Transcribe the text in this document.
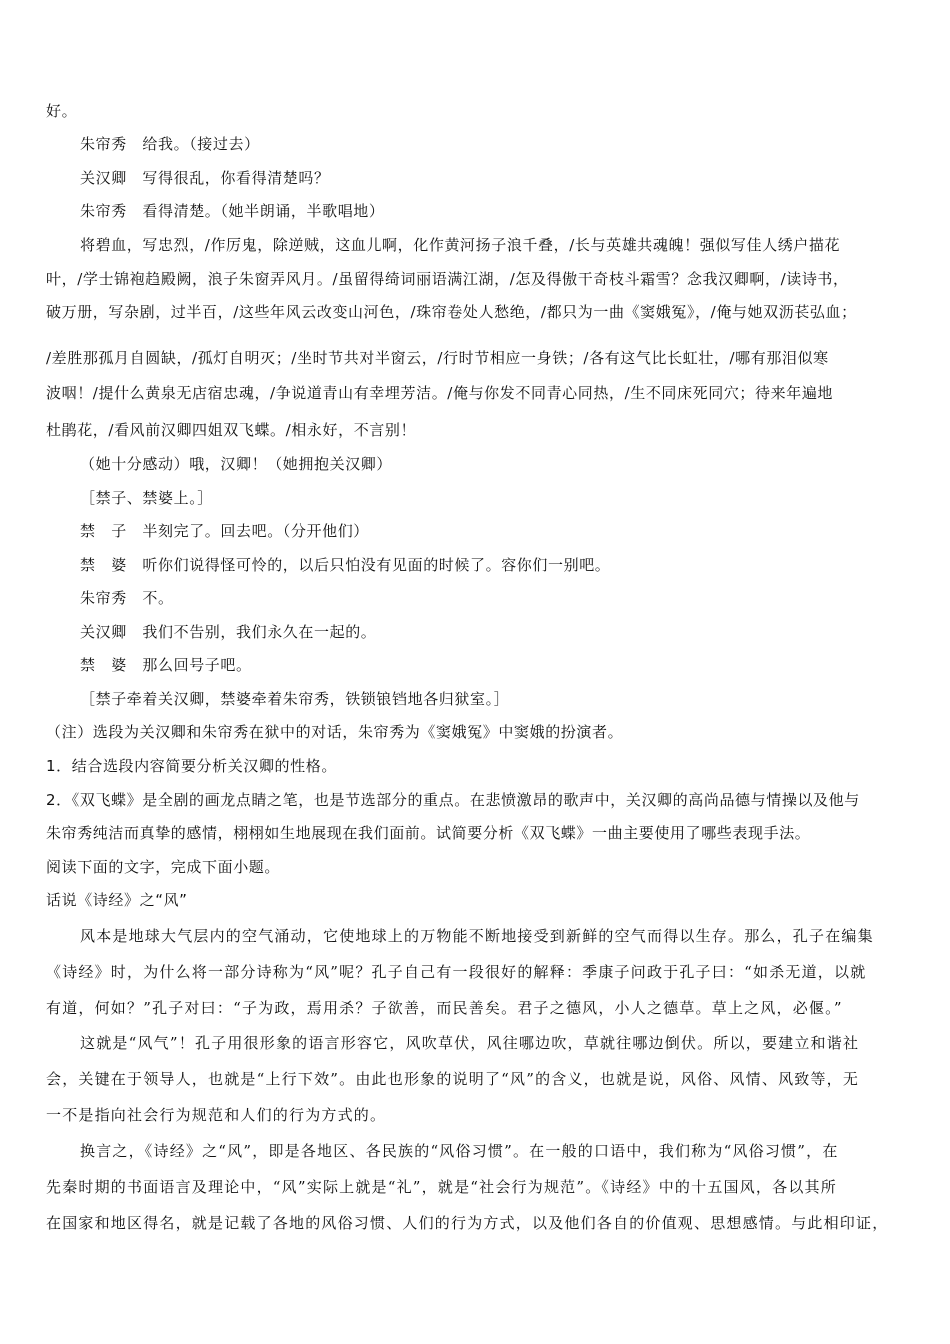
好。

朱帘秀　给我。（接过去）

关汉卿　写得很乱，你看得清楚吗？

朱帘秀　看得清楚。（她半朗诵，半歌唱地）

将碧血，写忠烈，/作厉鬼，除逆贼，这血儿啊，化作黄河扬子浪千叠，/长与英雄共魂魄！强似写佳人绣户描花

叶，/学士锦袍趋殿阙，浪子朱窗弄风月。/虽留得绮词丽语满江湖，/怎及得傲干奇枝斗霜雪？念我汉卿啊，/读诗书，

破万册，写杂剧，过半百，/这些年风云改变山河色，/珠帘卷处人愁绝，/都只为一曲《窦娥冤》，/俺与她双沥苌弘血；

/差胜那孤月自圆缺，/孤灯自明灭；/坐时节共对半窗云，/行时节相应一身铁；/各有这气比长虹壮，/哪有那泪似寒

波咽！/提什么黄泉无店宿忠魂，/争说道青山有幸埋芳洁。/俺与你发不同青心同热，/生不同床死同穴；待来年遍地

杜鹃花，/看风前汉卿四姐双飞蝶。/相永好，不言别！

（她十分感动）哦，汉卿！（她拥抱关汉卿）

［禁子、禁婆上。］

禁　子　半刻完了。回去吧。（分开他们）

禁　婆　听你们说得怪可怜的，以后只怕没有见面的时候了。容你们一别吧。

朱帘秀　不。

关汉卿　我们不告别，我们永久在一起的。

禁　婆　那么回号子吧。

［禁子牵着关汉卿，禁婆牵着朱帘秀，铁锁锒铛地各归狱室。］

（注）选段为关汉卿和朱帘秀在狱中的对话，朱帘秀为《窦娥冤》中窦娥的扮演者。

1．结合选段内容简要分析关汉卿的性格。

2．《双飞蝶》是全剧的画龙点睛之笔，也是节选部分的重点。在悲愤激昂的歌声中，关汉卿的高尚品德与情操以及他与

朱帘秀纯洁而真挚的感情，栩栩如生地展现在我们面前。试简要分析《双飞蝶》一曲主要使用了哪些表现手法。

阅读下面的文字，完成下面小题。

话说《诗经》之“风”

风本是地球大气层内的空气涌动，它使地球上的万物能不断地接受到新鲜的空气而得以生存。那么，孔子在编集

《诗经》时，为什么将一部分诗称为“风”呢？孔子自己有一段很好的解释：季康子问政于孔子曰：“如杀无道，以就

有道，何如？”孔子对曰：“子为政，焉用杀？子欲善，而民善矣。君子之德风，小人之德草。草上之风，必偃。”

这就是“风气”！孔子用很形象的语言形容它，风吹草伏，风往哪边吹，草就往哪边倒伏。所以，要建立和谐社

会，关键在于领导人，也就是“上行下效”。由此也形象的说明了“风”的含义，也就是说，风俗、风情、风致等，无

一不是指向社会行为规范和人们的行为方式的。

换言之，《诗经》之“风”，即是各地区、各民族的“风俗习惯”。在一般的口语中，我们称为“风俗习惯”，在

先秦时期的书面语言及理论中，“风”实际上就是“礼”，就是“社会行为规范”。《诗经》中的十五国风，各以其所

在国家和地区得名，就是记载了各地的风俗习惯、人们的行为方式，以及他们各自的价值观、思想感情。与此相印证，
